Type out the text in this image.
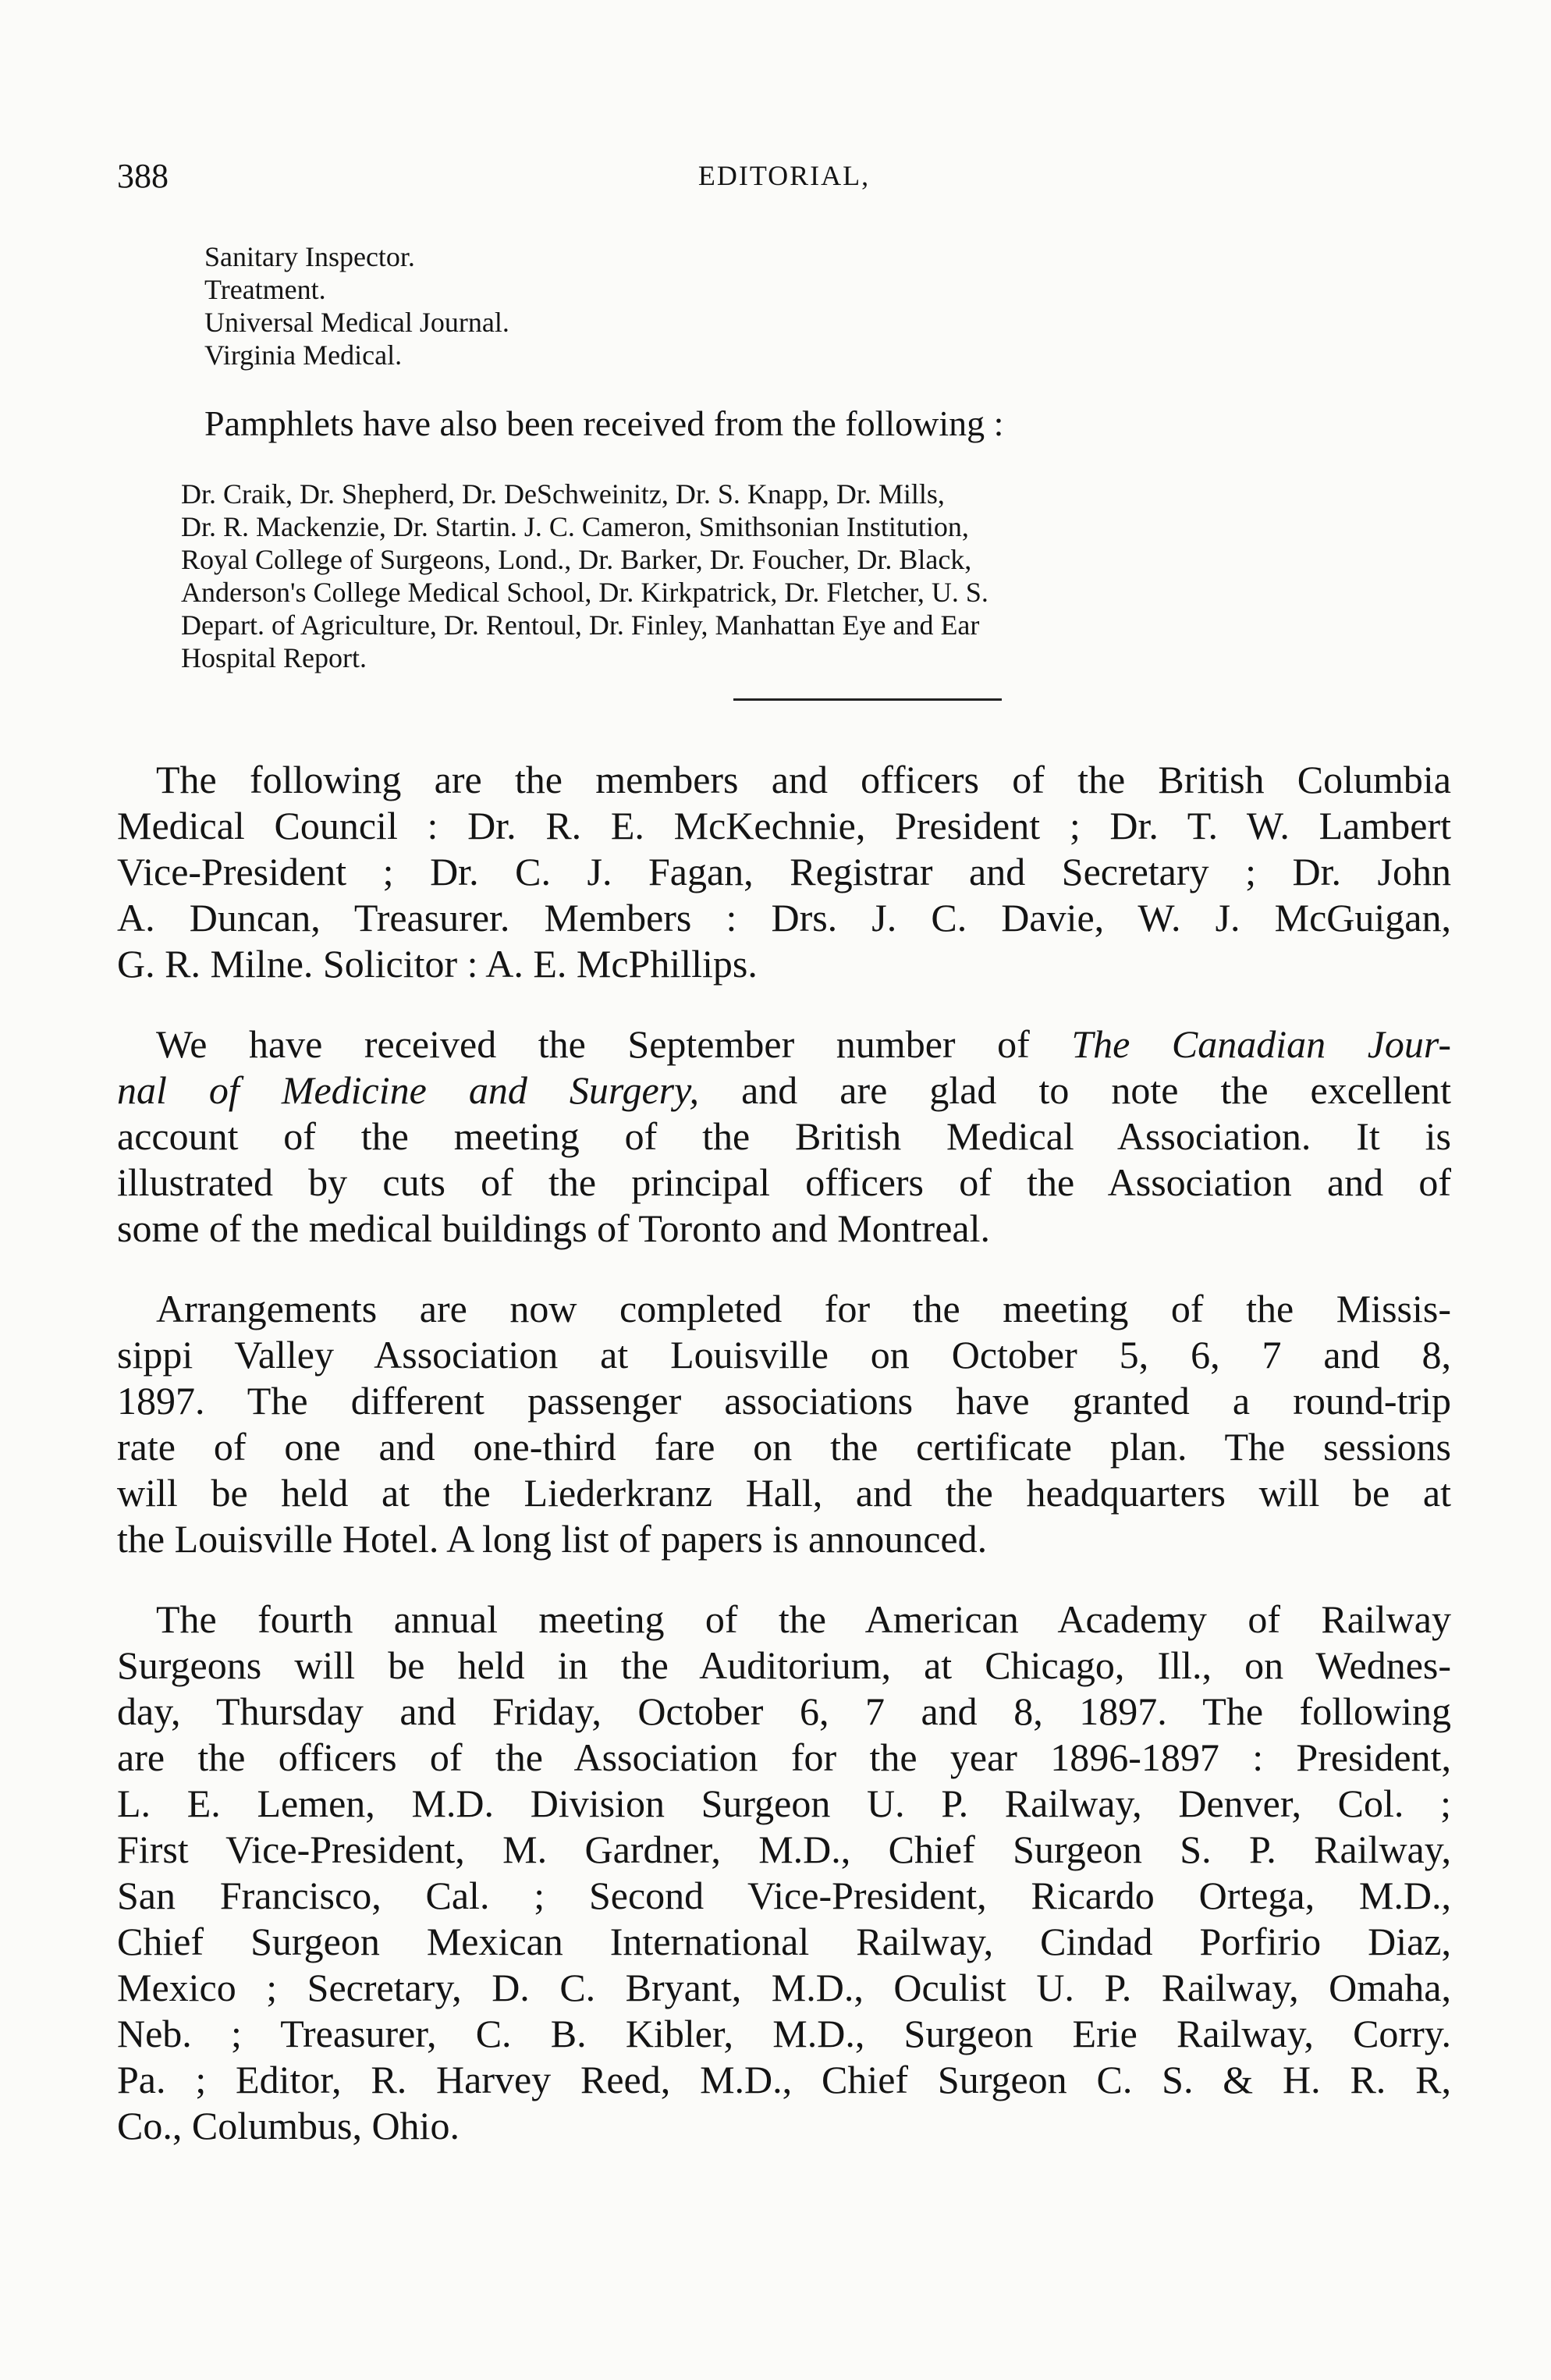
388	EDITORIAL,
Sanitary Inspector.
Treatment.
Universal Medical Journal.
Virginia Medical.
Pamphlets have also been received from the following :
Dr. Craik, Dr. Shepherd, Dr. DeSchweinitz, Dr. S. Knapp, Dr. Mills,
Dr. R. Mackenzie, Dr. Startin. J. C. Cameron, Smithsonian Institution,
Royal College of Surgeons, Lond., Dr. Barker, Dr. Foucher, Dr. Black,
Anderson's College Medical School, Dr. Kirkpatrick, Dr. Fletcher, U. S.
Depart. of Agriculture, Dr. Rentoul, Dr. Finley, Manhattan Eye and Ear
Hospital Report.
The following are the members and officers of the British Columbia
Medical Council : Dr. R. E. McKechnie, President ; Dr. T. W. Lambert
Vice-President ; Dr. C. J. Fagan, Registrar and Secretary ; Dr. John
A. Duncan, Treasurer. Members : Drs. J. C. Davie, W. J. McGuigan,
G. R. Milne. Solicitor : A. E. McPhillips.
We have received the September number of The Canadian Jour-
nal of Medicine and Surgery, and are glad to note the excellent
account of the meeting of the British Medical Association. It is
illustrated by cuts of the principal officers of the Association and of
some of the medical buildings of Toronto and Montreal.
Arrangements are now completed for the meeting of the Missis-
sippi Valley Association at Louisville on October 5, 6, 7 and 8,
1897. The different passenger associations have granted a round-trip
rate of one and one-third fare on the certificate plan. The sessions
will be held at the Liederkranz Hall, and the headquarters will be at
the Louisville Hotel. A long list of papers is announced.
The fourth annual meeting of the American Academy of Railway
Surgeons will be held in the Auditorium, at Chicago, Ill., on Wednes-
day, Thursday and Friday, October 6, 7 and 8, 1897. The following
are the officers of the Association for the year 1896-1897 : President,
L. E. Lemen, M.D. Division Surgeon U. P. Railway, Denver, Col. ;
First Vice-President, M. Gardner, M.D., Chief Surgeon S. P. Railway,
San Francisco, Cal. ; Second Vice-President, Ricardo Ortega, M.D.,
Chief Surgeon Mexican International Railway, Cindad Porfirio Diaz,
Mexico ; Secretary, D. C. Bryant, M.D., Oculist U. P. Railway, Omaha,
Neb. ; Treasurer, C. B. Kibler, M.D., Surgeon Erie Railway, Corry.
Pa. ; Editor, R. Harvey Reed, M.D., Chief Surgeon C. S. & H. R. R,
Co., Columbus, Ohio.
